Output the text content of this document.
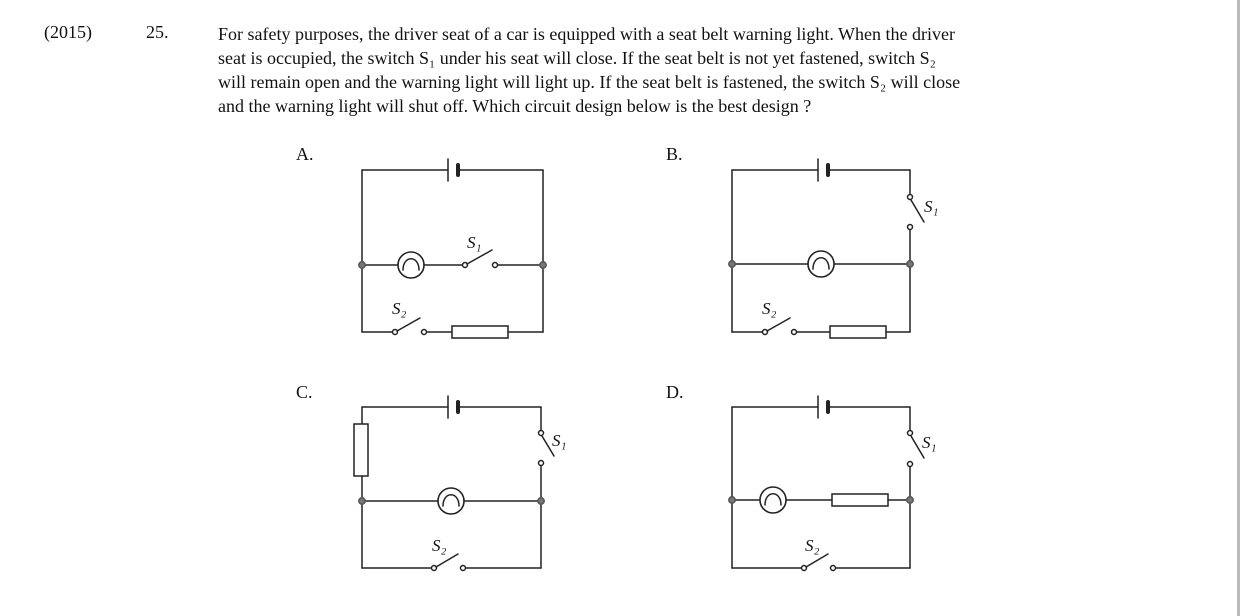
(2015)	25.	For safety purposes, the driver seat of a car is equipped with a seat belt warning light. When the driver
seat is occupied, the switch S₁ under his seat will close. If the seat belt is not yet fastened, switch S₂
will remain open and the warning light will light up. If the seat belt is fastened, the switch S₂ will close
and the warning light will shut off. Which circuit design below is the best design ?
A.	B.
C.	D.
S₁
S₂
S₁
S₂
S₁
S₂
S₁
S₂
